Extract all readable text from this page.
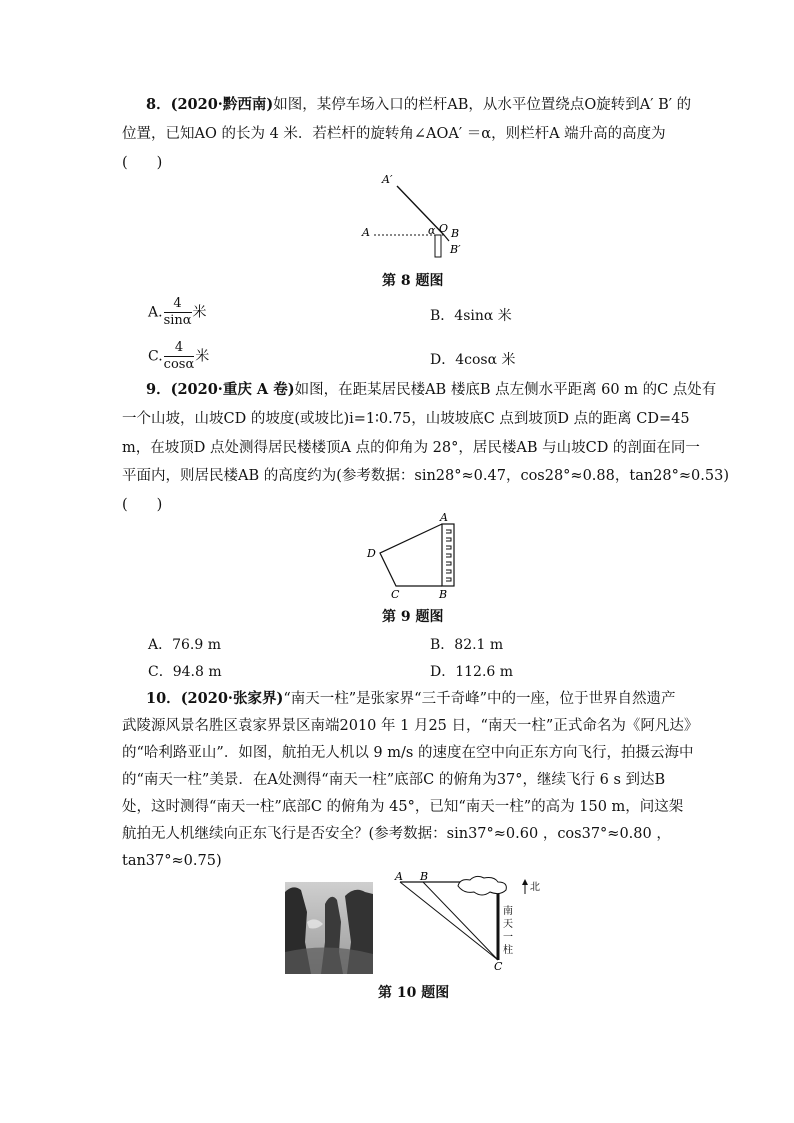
8．(2020·黔西南)如图，某停车场入口的栏杆AB，从水平位置绕点O旋转到A′ B′ 的
位置，已知AO 的长为 4 米．若栏杆的旋转角∠AOA′ ＝α，则栏杆A 端升高的高度为
(　　)
A′
A	α O B
B′
第 8 题图
A. $\frac{4}{\sin\alpha}$ 米	B．4sinα 米
C. $\frac{4}{\cos\alpha}$ 米	D．4cosα 米
9．(2020·重庆 A 卷)如图，在距某居民楼AB 楼底B 点左侧水平距离 60 m 的C 点处有
一个山坡，山坡CD 的坡度(或坡比)i=1∶0.75，山坡坡底C 点到坡顶D 点的距离 CD=45
m，在坡顶D 点处测得居民楼楼顶A 点的仰角为 28°，居民楼AB 与山坡CD 的剖面在同一
平面内，则居民楼AB 的高度约为(参考数据：sin28°≈0.47，cos28°≈0.88，tan28°≈0.53)
(　　)
A
D
C	B
第 9 题图
A．76.9 m	B．82.1 m
C．94.8 m	D．112.6 m
10．(2020·张家界)“南天一柱”是张家界“三千奇峰”中的一座，位于世界自然遗产
武陵源风景名胜区袁家界景区南端2010 年 1 月25 日，“南天一柱”正式命名为《阿凡达》
的“哈利路亚山”．如图，航拍无人机以 9 m/s 的速度在空中向正东方向飞行，拍摄云海中
的“南天一柱”美景．在A处测得“南天一柱”底部C 的俯角为37°，继续飞行 6 s 到达B
处，这时测得“南天一柱”底部C 的俯角为 45°，已知“南天一柱”的高为 150 m，问这架
航拍无人机继续向正东飞行是否安全？(参考数据：sin37°≈0.60 ，cos37°≈0.80 ，
tan37°≈0.75)
A B
C
北
南
天
一
柱
第 10 题图
